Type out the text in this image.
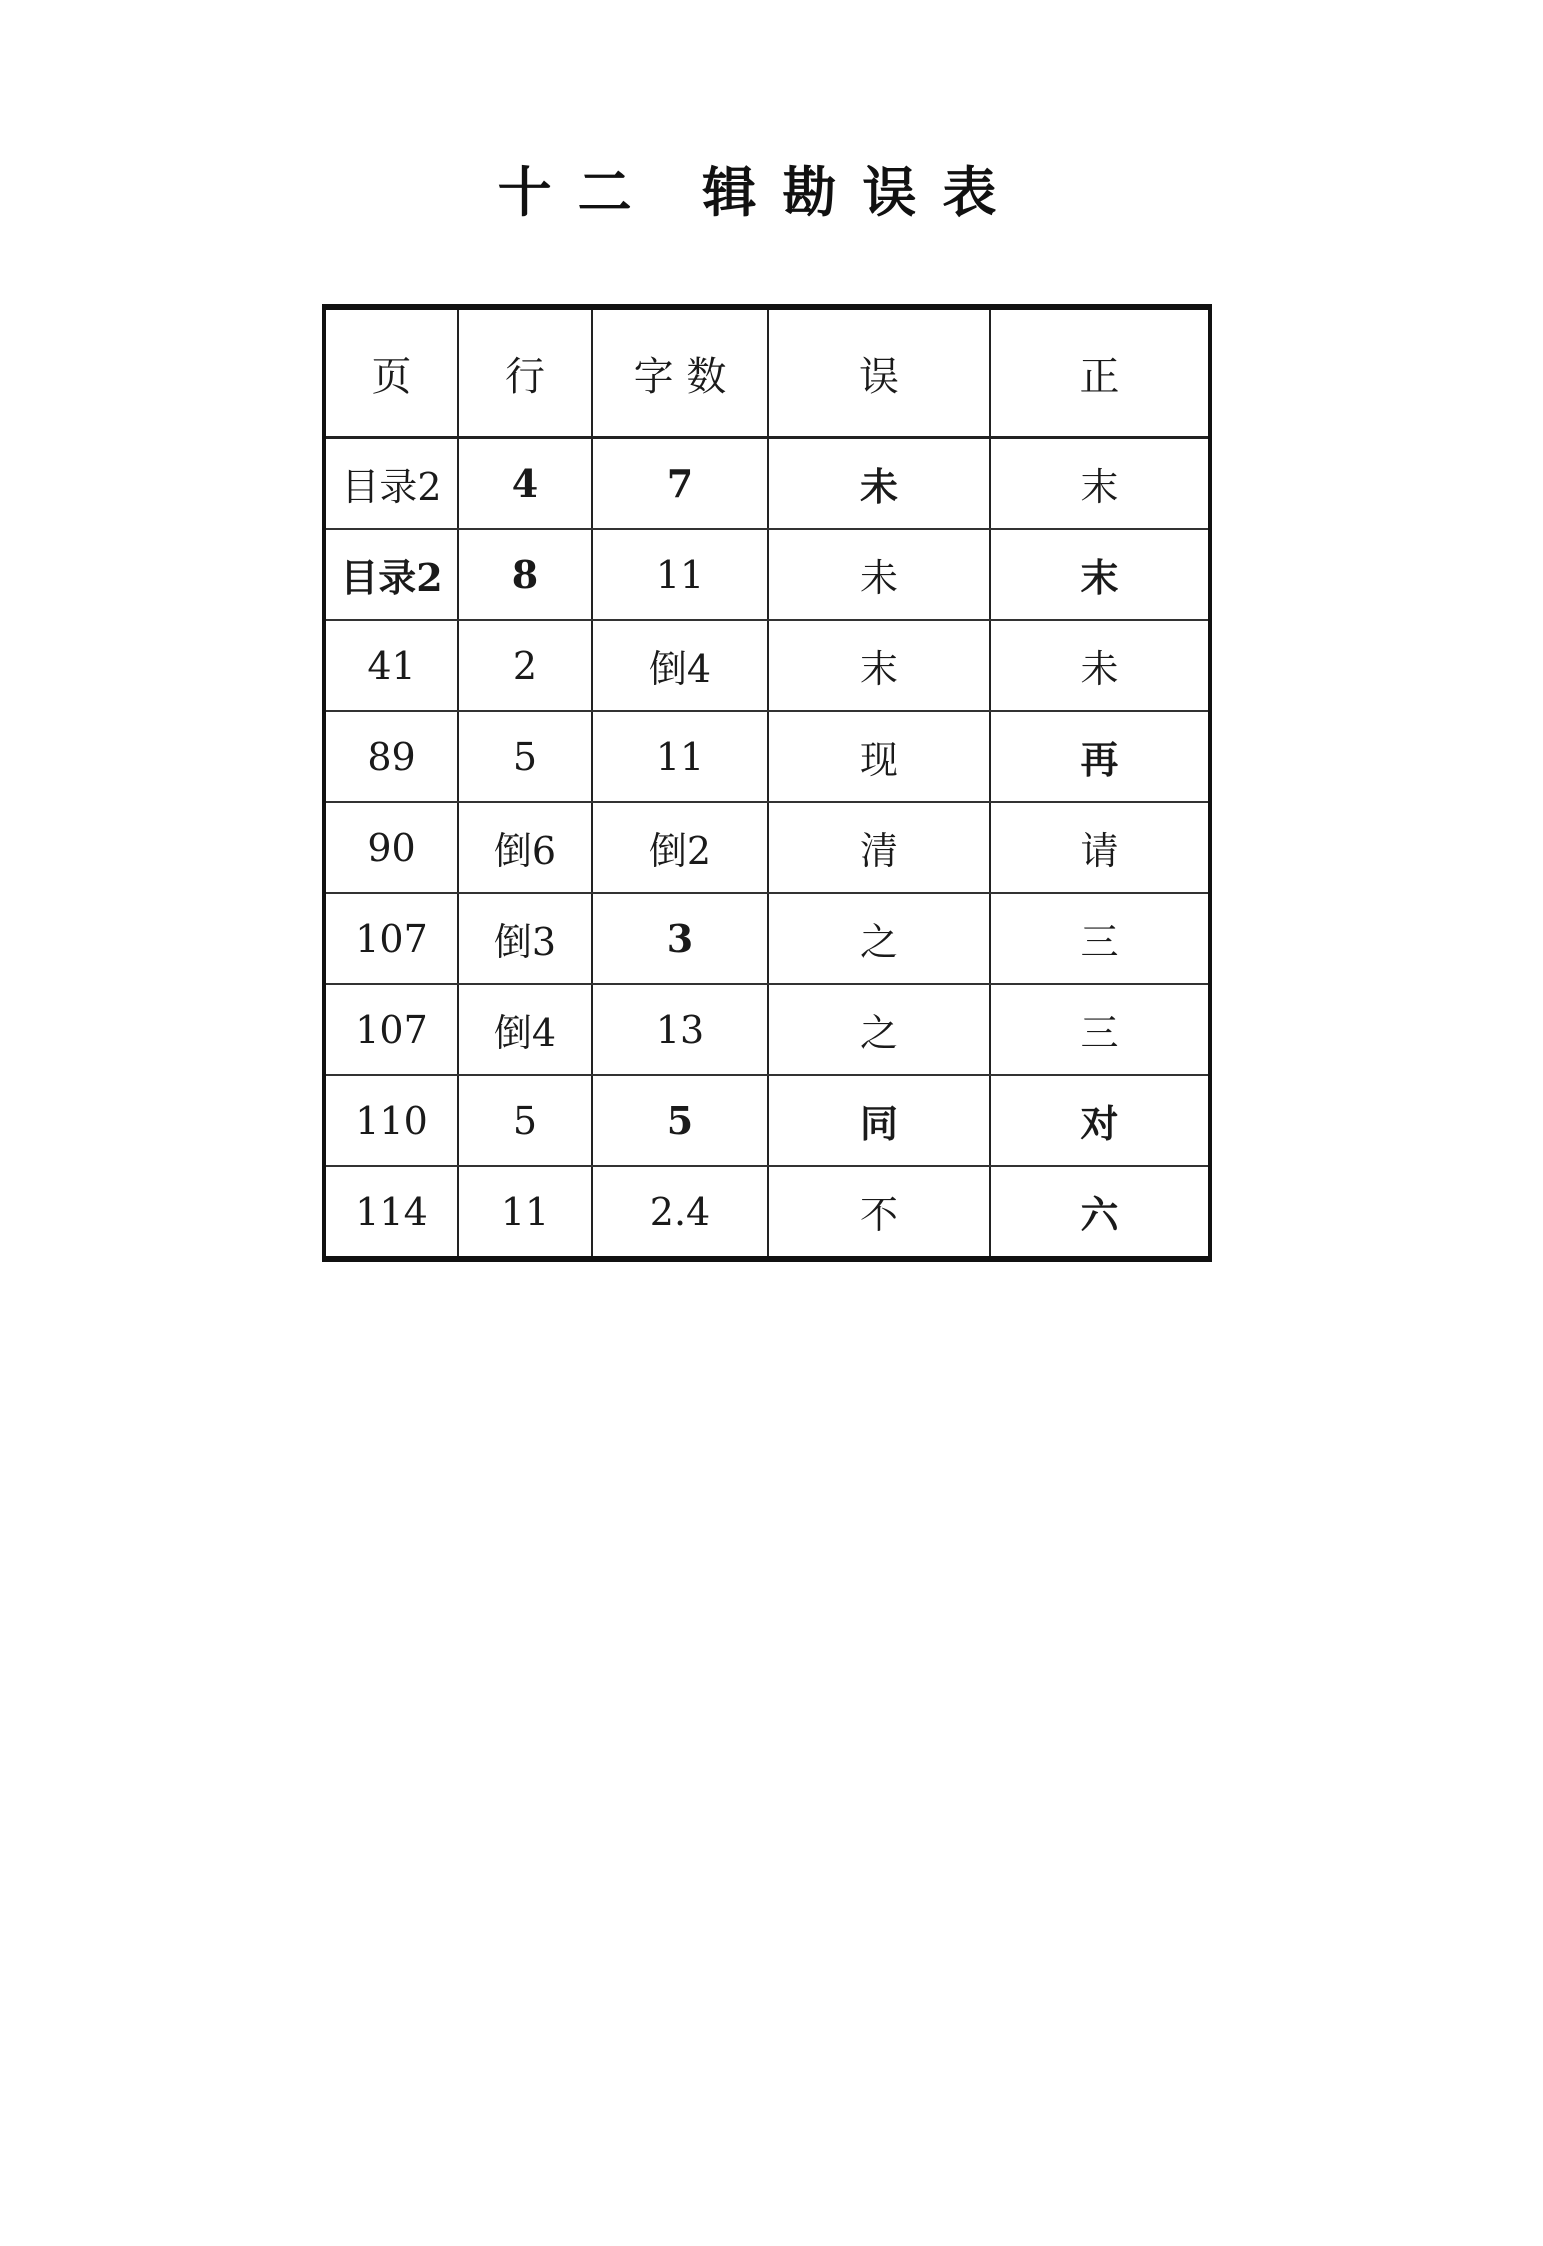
十二 辑勘误表
页	行	字 数	误	正
目录2	4	7	未	末
目录2	8	11	未	末
41	2	倒4	末	未
89	5	11	现	再
90	倒6	倒2	清	请
107	倒3	3	之	三
107	倒4	13	之	三
110	5	5	同	对
114	11	2.4	不	六
